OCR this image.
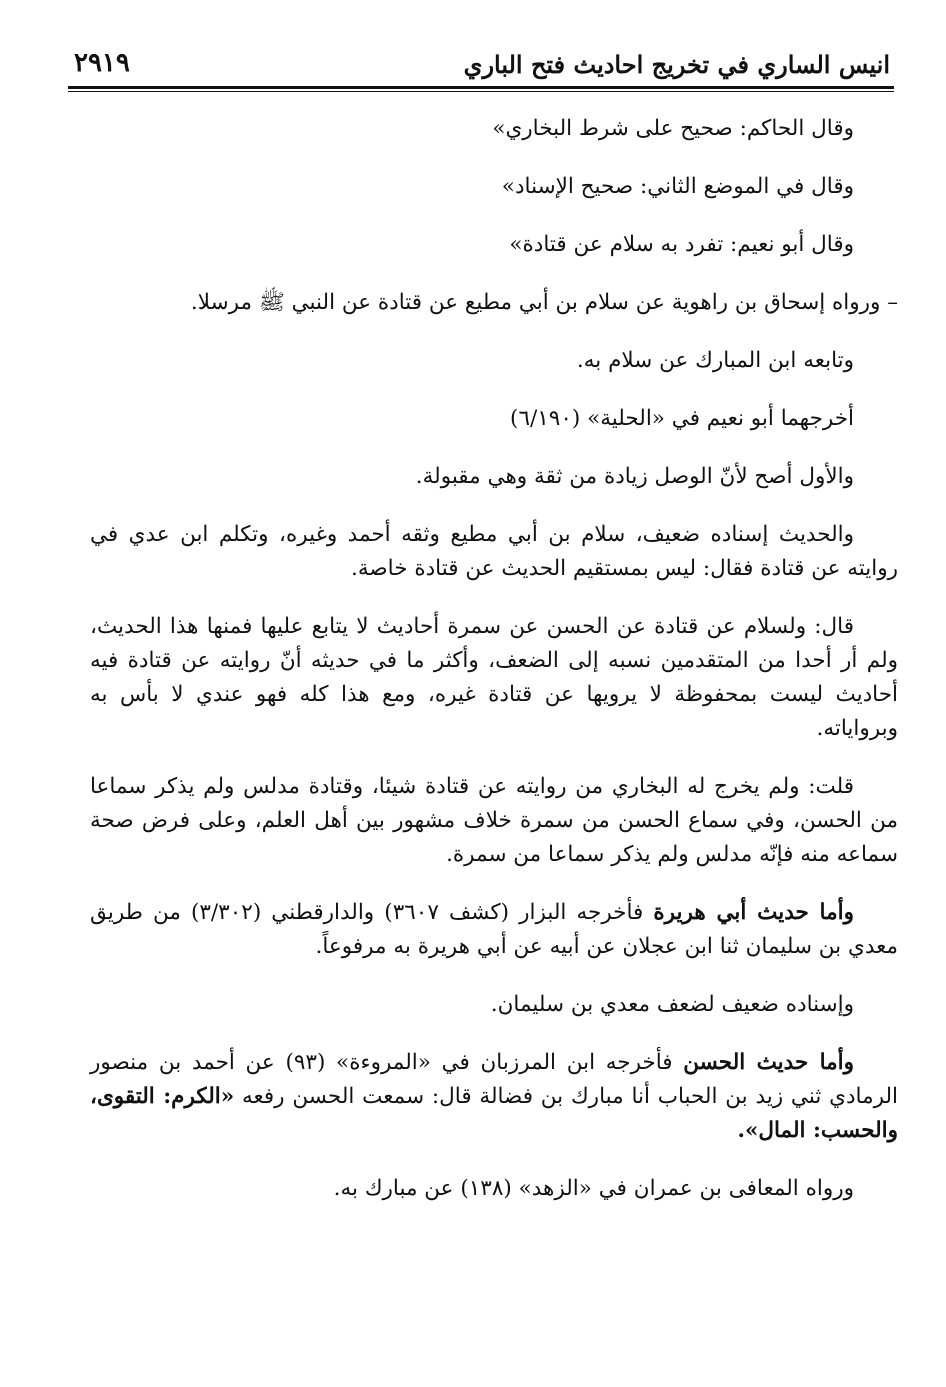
انيس الساري في تخريج احاديث فتح الباري
٢٩١٩

وقال الحاكم: صحيح على شرط البخاري»

وقال في الموضع الثاني: صحيح الإسناد»

وقال أبو نعيم: تفرد به سلام عن قتادة»

– ورواه إسحاق بن راهوية عن سلام بن أبي مطيع عن قتادة عن النبي ﷺ مرسلا.

وتابعه ابن المبارك عن سلام به.

أخرجهما أبو نعيم في «الحلية» (٦/١٩٠)

والأول أصح لأنّ الوصل زيادة من ثقة وهي مقبولة.

والحديث إسناده ضعيف، سلام بن أبي مطيع وثقه أحمد وغيره، وتكلم ابن عدي في روايته عن قتادة فقال: ليس بمستقيم الحديث عن قتادة خاصة.

قال: ولسلام عن قتادة عن الحسن عن سمرة أحاديث لا يتابع عليها فمنها هذا الحديث، ولم أر أحدا من المتقدمين نسبه إلى الضعف، وأكثر ما في حديثه أنّ روايته عن قتادة فيه أحاديث ليست بمحفوظة لا يرويها عن قتادة غيره، ومع هذا كله فهو عندي لا بأس به وبرواياته.

قلت: ولم يخرج له البخاري من روايته عن قتادة شيئا، وقتادة مدلس ولم يذكر سماعا من الحسن، وفي سماع الحسن من سمرة خلاف مشهور بين أهل العلم، وعلى فرض صحة سماعه منه فإنّه مدلس ولم يذكر سماعا من سمرة.

وأما حديث أبي هريرة فأخرجه البزار (كشف ٣٦٠٧) والدارقطني (٣/٣٠٢) من طريق معدي بن سليمان ثنا ابن عجلان عن أبيه عن أبي هريرة به مرفوعاً.

وإسناده ضعيف لضعف معدي بن سليمان.

وأما حديث الحسن فأخرجه ابن المرزبان في «المروءة» (٩٣) عن أحمد بن منصور الرمادي ثني زيد بن الحباب أنا مبارك بن فضالة قال: سمعت الحسن رفعه «الكرم: التقوى، والحسب: المال».

ورواه المعافى بن عمران في «الزهد» (١٣٨) عن مبارك به.
